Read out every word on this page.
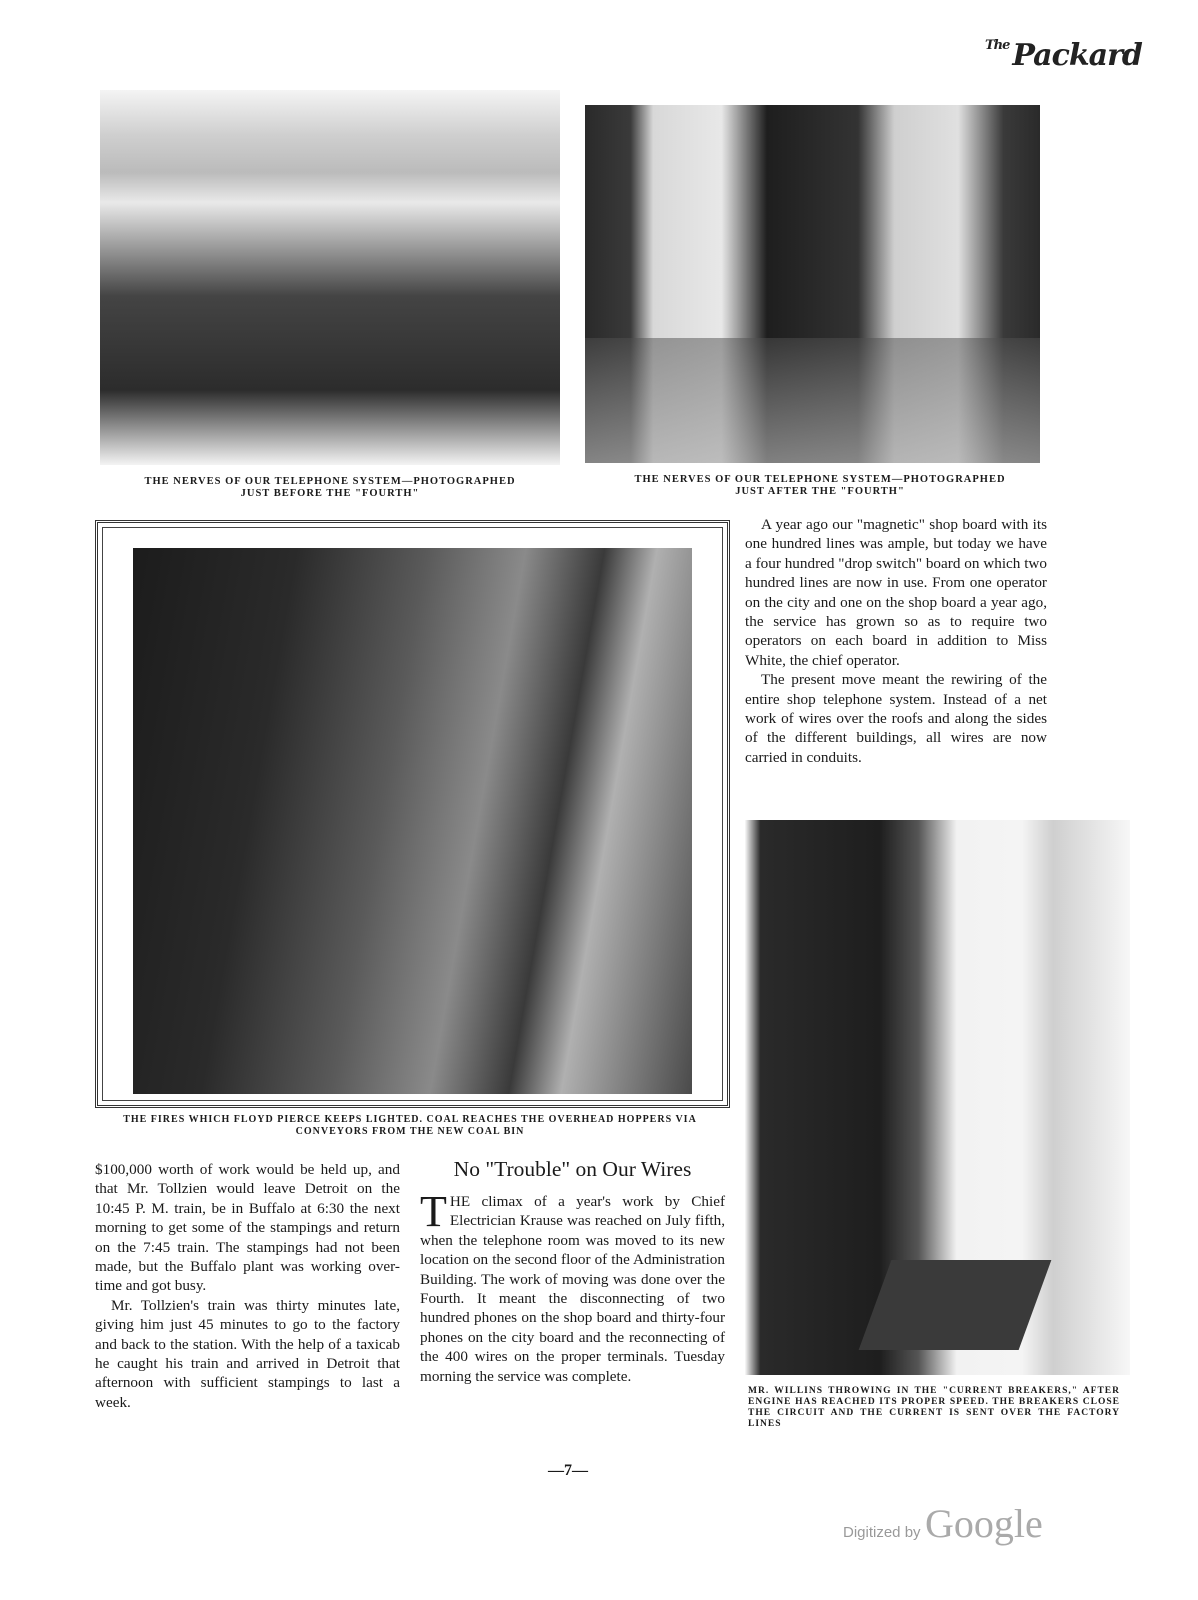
$^{The}$ Packard
THE NERVES OF OUR TELEPHONE SYSTEM—PHOTOGRAPHED
JUST BEFORE THE "FOURTH"
THE NERVES OF OUR TELEPHONE SYSTEM—PHOTOGRAPHED
JUST AFTER THE "FOURTH"
THE FIRES WHICH FLOYD PIERCE KEEPS LIGHTED. COAL REACHES THE OVERHEAD HOPPERS VIA
CONVEYORS FROM THE NEW COAL BIN

A year ago our "magnetic" shop board with its one hundred lines was ample, but today we have a four hundred "drop switch" board on which two hundred lines are now in use. From one operator on the city and one on the shop board a year ago, the service has grown so as to require two operators on each board in addition to Miss White, the chief operator.

The present move meant the rewiring of the entire shop telephone system. Instead of a net work of wires over the roofs and along the sides of the different buildings, all wires are now carried in conduits.

MR. WILLINS THROWING IN THE "CURRENT BREAKERS," AFTER ENGINE HAS REACHED ITS PROPER SPEED. THE BREAKERS CLOSE THE CIRCUIT AND THE CURRENT IS SENT OVER THE FACTORY LINES

$100,000 worth of work would be held up, and that Mr. Tollzien would leave Detroit on the 10:45 P. M. train, be in Buffalo at 6:30 the next morning to get some of the stampings and return on the 7:45 train. The stampings had not been made, but the Buffalo plant was working over-time and got busy.

Mr. Tollzien's train was thirty minutes late, giving him just 45 minutes to go to the factory and back to the station. With the help of a taxicab he caught his train and arrived in Detroit that afternoon with sufficient stampings to last a week.

No "Trouble" on Our Wires
THE climax of a year's work by Chief Electrician Krause was reached on July fifth, when the telephone room was moved to its new location on the second floor of the Administration Building. The work of moving was done over the Fourth. It meant the disconnecting of two hundred phones on the shop board and thirty-four phones on the city board and the reconnecting of the 400 wires on the proper terminals. Tuesday morning the service was complete.
—7—
Digitized by Google
